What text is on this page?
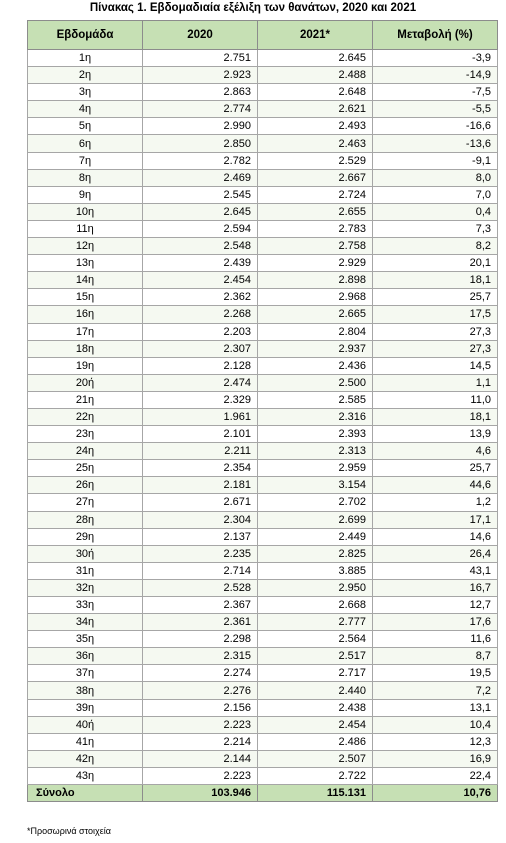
Πίνακας 1. Εβδομαδιαία εξέλιξη των θανάτων, 2020 και 2021
Εβδομάδα	2020	2021*	Μεταβολή (%)
1η	2.751	2.645	-3,9
2η	2.923	2.488	-14,9
3η	2.863	2.648	-7,5
4η	2.774	2.621	-5,5
5η	2.990	2.493	-16,6
6η	2.850	2.463	-13,6
7η	2.782	2.529	-9,1
8η	2.469	2.667	8,0
9η	2.545	2.724	7,0
10η	2.645	2.655	0,4
11η	2.594	2.783	7,3
12η	2.548	2.758	8,2
13η	2.439	2.929	20,1
14η	2.454	2.898	18,1
15η	2.362	2.968	25,7
16η	2.268	2.665	17,5
17η	2.203	2.804	27,3
18η	2.307	2.937	27,3
19η	2.128	2.436	14,5
20ή	2.474	2.500	1,1
21η	2.329	2.585	11,0
22η	1.961	2.316	18,1
23η	2.101	2.393	13,9
24η	2.211	2.313	4,6
25η	2.354	2.959	25,7
26η	2.181	3.154	44,6
27η	2.671	2.702	1,2
28η	2.304	2.699	17,1
29η	2.137	2.449	14,6
30ή	2.235	2.825	26,4
31η	2.714	3.885	43,1
32η	2.528	2.950	16,7
33η	2.367	2.668	12,7
34η	2.361	2.777	17,6
35η	2.298	2.564	11,6
36η	2.315	2.517	8,7
37η	2.274	2.717	19,5
38η	2.276	2.440	7,2
39η	2.156	2.438	13,1
40ή	2.223	2.454	10,4
41η	2.214	2.486	12,3
42η	2.144	2.507	16,9
43η	2.223	2.722	22,4
Σύνολο	103.946	115.131	10,76
*Προσωρινά στοιχεία
